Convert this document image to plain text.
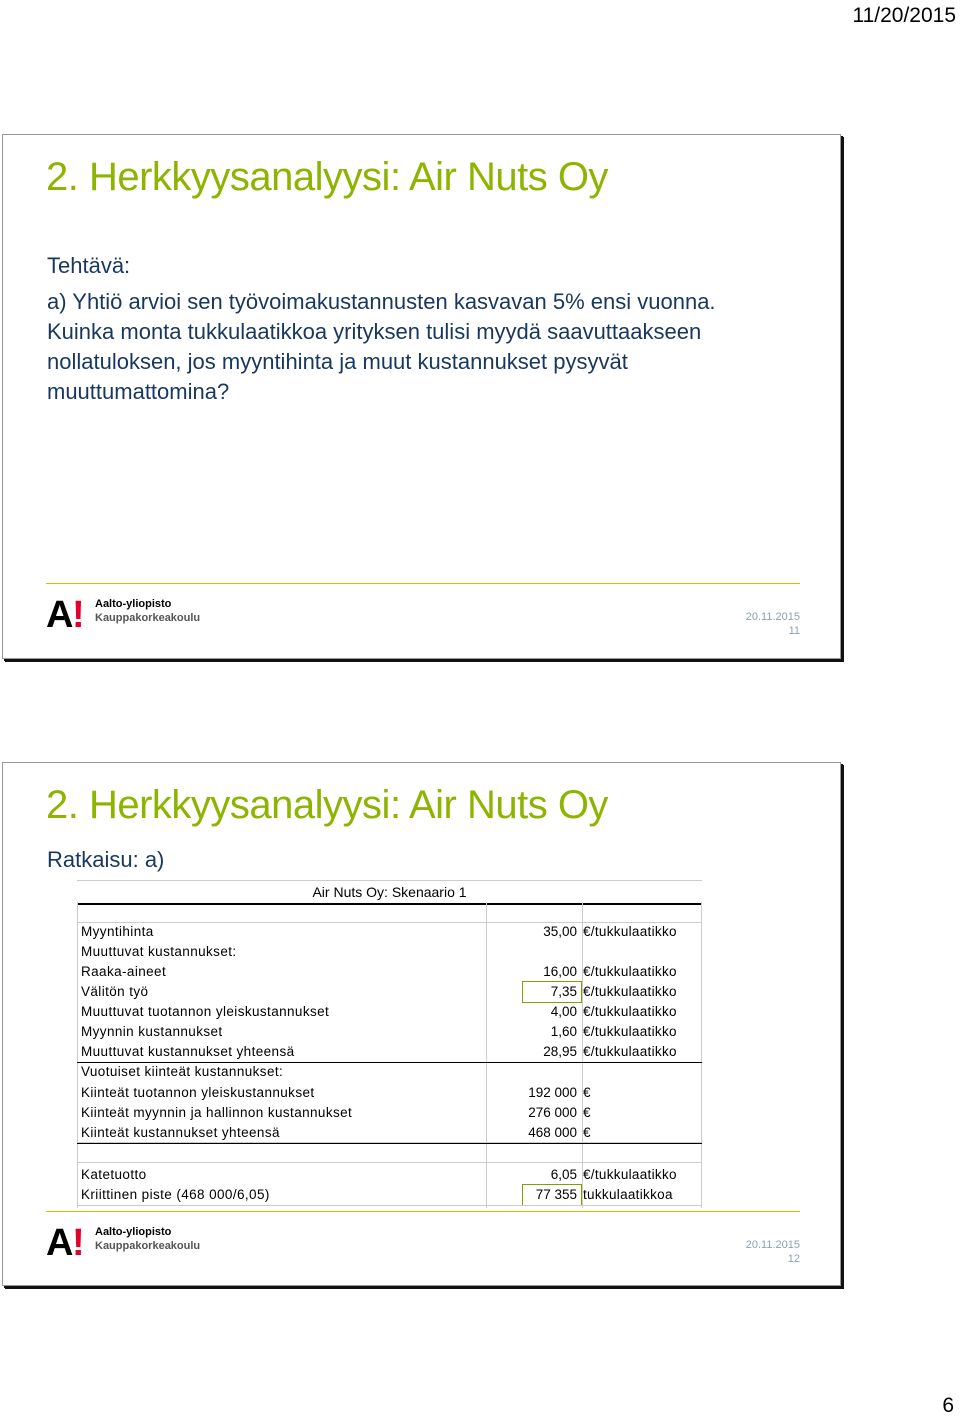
11/20/2015
2. Herkkyysanalyysi: Air Nuts Oy
Tehtävä:
a) Yhtiö arvioi sen työvoimakustannusten kasvavan 5% ensi vuonna. Kuinka monta tukkulaatikkoa yrityksen tulisi myydä saavuttaakseen nollatuloksen, jos myyntihinta ja muut kustannukset pysyvät muuttumattomina?
A
! Aalto-yliopisto
Kauppakorkeakoulu	20.11.2015
11
2. Herkkyysanalyysi: Air Nuts Oy
Ratkaisu: a)
Air Nuts Oy: Skenaario 1
Myyntihinta	35,00 €/tukkulaatikko
Muuttuvat kustannukset:
Raaka-aineet	16,00 €/tukkulaatikko
Välitön työ	7,35 €/tukkulaatikko
Muuttuvat tuotannon yleiskustannukset	4,00 €/tukkulaatikko
Myynnin kustannukset	1,60 €/tukkulaatikko
Muuttuvat kustannukset yhteensä	28,95 €/tukkulaatikko
Vuotuiset kiinteät kustannukset:
Kiinteät tuotannon yleiskustannukset	192 000 €
Kiinteät myynnin ja hallinnon kustannukset	276 000 €
Kiinteät kustannukset yhteensä	468 000 €
Katetuotto	6,05 €/tukkulaatikko
Kriittinen piste (468 000/6,05)	77 355 tukkulaatikkoa
A
! Aalto-yliopisto
Kauppakorkeakoulu	20.11.2015
12
6
